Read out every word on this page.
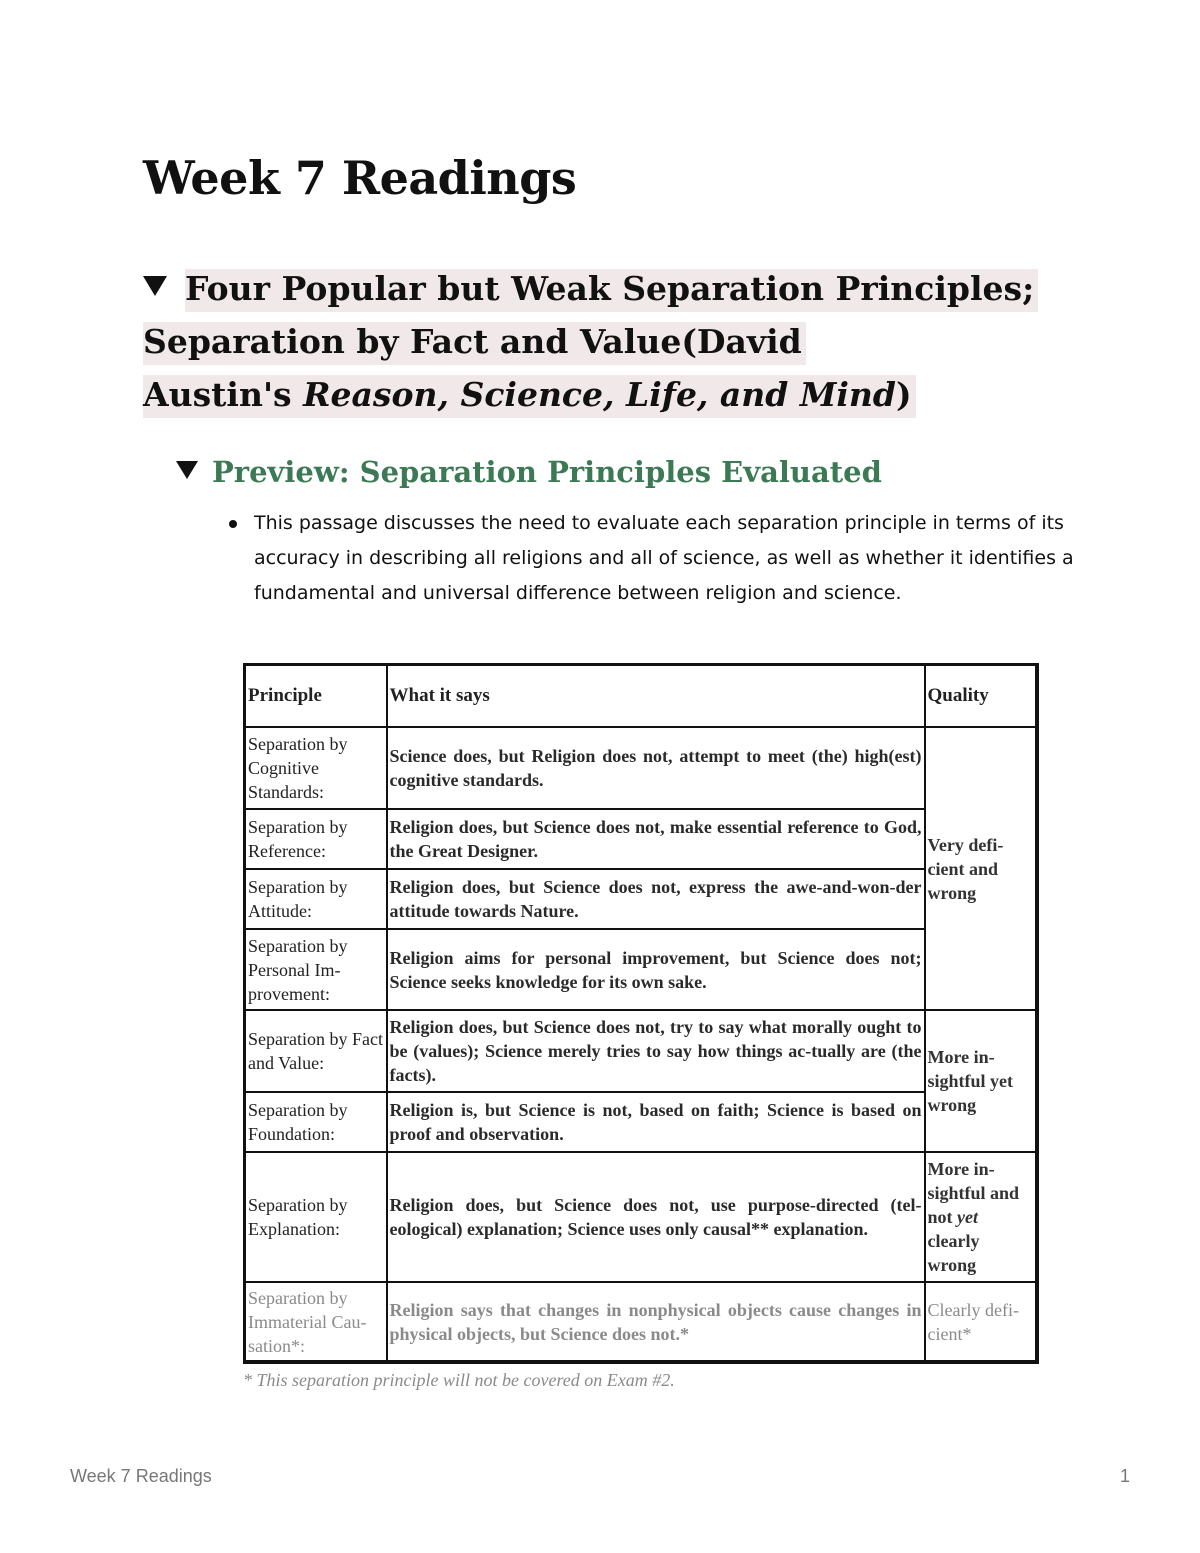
Week 7 Readings
Four Popular but Weak Separation Principles;
Separation by Fact and Value(David
Austin's Reason, Science, Life, and Mind)
Preview: Separation Principles Evaluated
This passage discusses the need to evaluate each separation principle in terms of its accuracy in describing all religions and all of science, as well as whether it identifies a fundamental and universal difference between religion and science.
Principle	What it says	Quality
Separation by Cognitive Standards:	Science does, but Religion does not, attempt to meet (the) high(est) cognitive standards.	Very defi-cient and wrong
Separation by Reference:	Religion does, but Science does not, make essential reference to God, the Great Designer.	
Separation by Attitude:	Religion does, but Science does not, express the awe-and-won-der attitude towards Nature.	
Separation by Personal Im-provement:	Religion aims for personal improvement, but Science does not; Science seeks knowledge for its own sake.	
Separation by Fact and Value:	Religion does, but Science does not, try to say what morally ought to be (values); Science merely tries to say how things ac-tually are (the facts).	More in-sightful yet wrong
Separation by Foundation:	Religion is, but Science is not, based on faith; Science is based on proof and observation.	
Separation by Explanation:	Religion does, but Science does not, use purpose-directed (tel-eological) explanation; Science uses only causal** explanation.	More in-sightful and not yet clearly wrong
Separation by Immaterial Cau-sation*:	Religion says that changes in nonphysical objects cause changes in physical objects, but Science does not.*	Clearly defi-cient*
* This separation principle will not be covered on Exam #2.
Week 7 Readings	1
